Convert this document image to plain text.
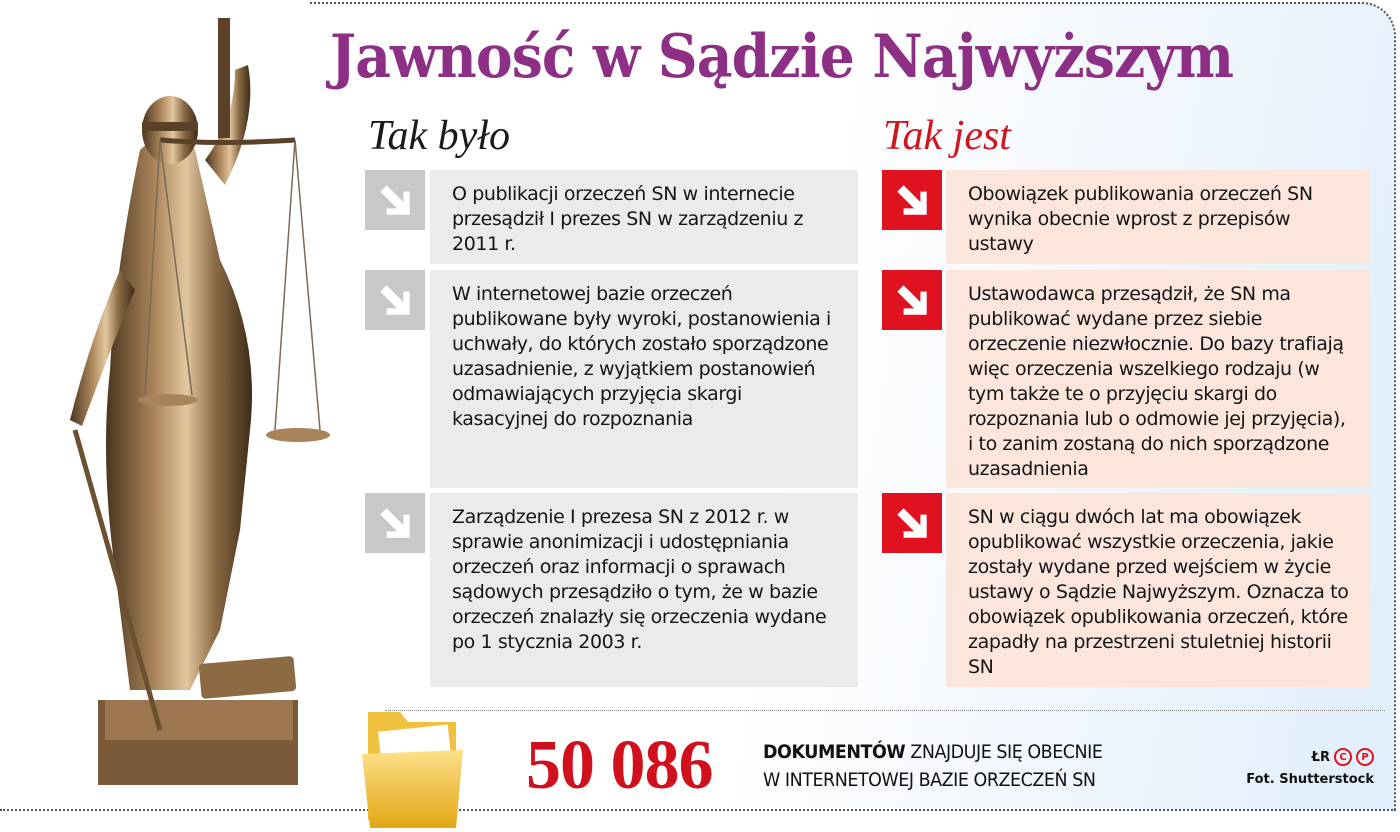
Jawność w Sądzie Najwyższym
Tak było	Tak jest
O publikacji orzeczeń SN w internecie przesądził I prezes SN w zarządzeniu z 2011 r.
W internetowej bazie orzeczeń publikowane były wyroki, postanowienia i uchwały, do których zostało sporządzone uzasadnienie, z wyjątkiem postanowień odmawiających przyjęcia skargi kasacyjnej do rozpoznania
Zarządzenie I prezesa SN z 2012 r. w sprawie anonimizacji i udostępniania orzeczeń oraz informacji o sprawach sądowych przesądziło o tym, że w bazie orzeczeń znalazły się orzeczenia wydane po 1 stycznia 2003 r.
Obowiązek publikowania orzeczeń SN wynika obecnie wprost z przepisów ustawy
Ustawodawca przesądził, że SN ma publikować wydane przez siebie orzeczenie niezwłocznie. Do bazy trafiają więc orzeczenia wszelkiego rodzaju (w tym także te o przyjęciu skargi do rozpoznania lub o odmowie jej przyjęcia), i to zanim zostaną do nich sporządzone uzasadnienia
SN w ciągu dwóch lat ma obowiązek opublikować wszystkie orzeczenia, jakie zostały wydane przed wejściem w życie ustawy o Sądzie Najwyższym. Oznacza to obowiązek opublikowania orzeczeń, które zapadły na przestrzeni stuletniej historii SN
50 086	DOKUMENTÓW ZNAJDUJE SIĘ OBECNIE
W INTERNETOWEJ BAZIE ORZECZEŃ SN
ŁR C	P
Fot. Shutterstock
